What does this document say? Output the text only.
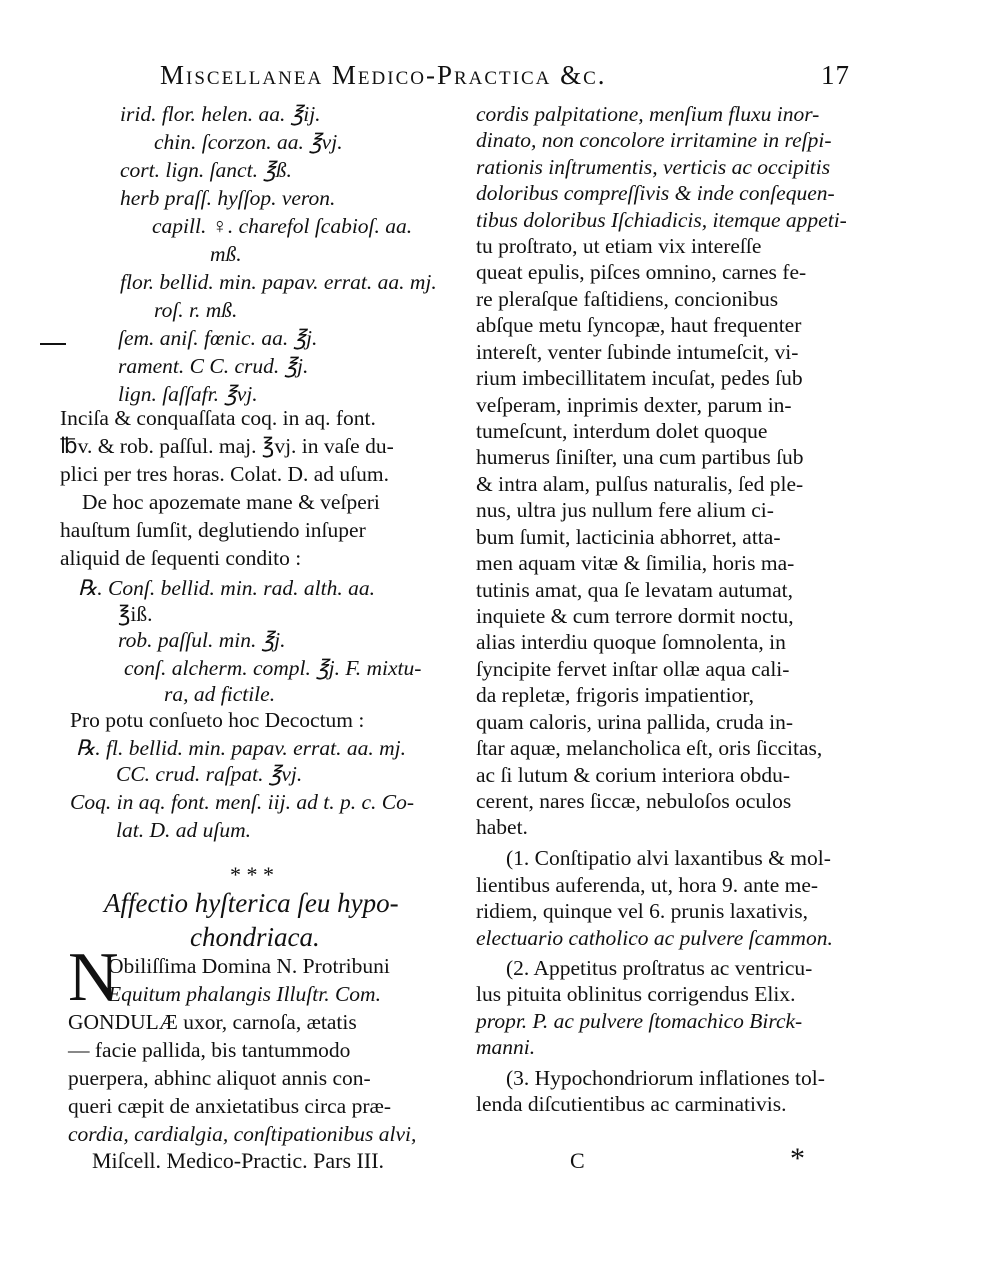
Miscellanea Medico-Practica &c.	17
irid. flor. helen. aa. ℥ij.
chin. ſcorzon. aa. ℥vj.
cort. lign. ſanct. ℥ß.
herb praſſ. hyſſop. veron.
capill. ♀. charefol ſcabioſ. aa.
mß.
flor. bellid. min. papav. errat. aa. mj.
roſ. r. mß.
ſem. aniſ. fœnic. aa. ℥j.
rament. C C. crud. ℥j.
lign. ſaſſafr. ℥vj.
Inciſa & conquaſſata coq. in aq. font.
℔v. & rob. paſſul. maj. ℥vj. in vaſe du-
plici per tres horas. Colat. D. ad uſum.
De hoc apozemate mane & veſperi
hauſtum ſumſit, deglutiendo inſuper
aliquid de ſequenti condito :
℞. Conſ. bellid. min. rad. alth. aa.
℥iß.
rob. paſſul. min. ℥j.
conſ. alcherm. compl. ℥j. F. mixtu-
ra, ad fictile.
Pro potu conſueto hoc Decoctum :
℞. fl. bellid. min. papav. errat. aa. mj.
CC. crud. raſpat. ℥vj.
Coq. in aq. font. menſ. iij. ad t. p. c. Co-
lat. D. ad uſum.
* * *
Affectio hyſterica ſeu hypo-
chondriaca.
N
Obiliſſima Domina N. Protribuni
Equitum phalangis Illuſtr. Com.
GONDULÆ uxor, carnoſa, ætatis
— facie pallida, bis tantummodo
puerpera, abhinc aliquot annis con-
queri cæpit de anxietatibus circa præ-
cordia, cardialgia, conſtipationibus alvi,
cordis palpitatione, menſium fluxu inor-
dinato, non concolore irritamine in reſpi-
rationis inſtrumentis, verticis ac occipitis
doloribus compreſſivis & inde conſequen-
tibus doloribus Iſchiadicis, itemque appeti-
tu proſtrato, ut etiam vix intereſſe
queat epulis, piſces omnino, carnes fe-
re pleraſque faſtidiens, concionibus
abſque metu ſyncopæ, haut frequenter
intereſt, venter ſubinde intumeſcit, vi-
rium imbecillitatem incuſat, pedes ſub
veſperam, inprimis dexter, parum in-
tumeſcunt, interdum dolet quoque
humerus ſiniſter, una cum partibus ſub
& intra alam, pulſus naturalis, ſed ple-
nus, ultra jus nullum fere alium ci-
bum ſumit, lacticinia abhorret, atta-
men aquam vitæ & ſimilia, horis ma-
tutinis amat, qua ſe levatam autumat,
inquiete & cum terrore dormit noctu,
alias interdiu quoque ſomnolenta, in
ſyncipite fervet inſtar ollæ aqua cali-
da repletæ, frigoris impatientior,
quam caloris, urina pallida, cruda in-
ſtar aquæ, melancholica eſt, oris ſiccitas,
ac ſi lutum & corium interiora obdu-
cerent, nares ſiccæ, nebuloſos oculos
habet.
(1. Conſtipatio alvi laxantibus & mol-
lientibus auferenda, ut, hora 9. ante me-
ridiem, quinque vel 6. prunis laxativis,
electuario catholico ac pulvere ſcammon.
(2. Appetitus proſtratus ac ventricu-
lus pituita oblinitus corrigendus Elix.
propr. P. ac pulvere ſtomachico Birck-
manni.
(3. Hypochondriorum inflationes tol-
lenda diſcutientibus ac carminativis.
Miſcell. Medico-Practic. Pars III.	C	*
